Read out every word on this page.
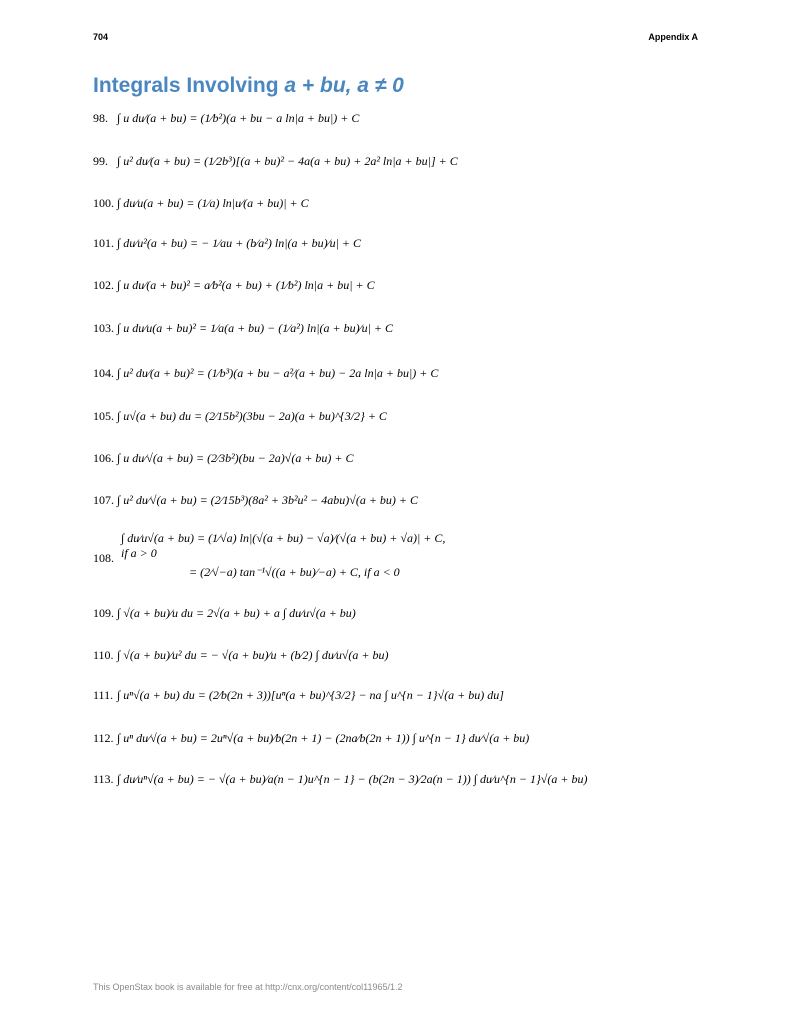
704	Appendix A
Integrals Involving a + bu, a ≠ 0
98. ∫ u du⁄(a + bu) = (1⁄b²)(a + bu − a ln|a + bu|) + C
99. ∫ u² du⁄(a + bu) = (1⁄2b³)[(a + bu)² − 4a(a + bu) + 2a² ln|a + bu|] + C
100. ∫ du⁄u(a + bu) = (1⁄a) ln|u⁄(a + bu)| + C
101. ∫ du⁄u²(a + bu) = − 1⁄au + (b⁄a²) ln|(a + bu)⁄u| + C
102. ∫ u du⁄(a + bu)² = a⁄b²(a + bu) + (1⁄b²) ln|a + bu| + C
103. ∫ u du⁄u(a + bu)² = 1⁄a(a + bu) − (1⁄a²) ln|(a + bu)⁄u| + C
104. ∫ u² du⁄(a + bu)² = (1⁄b³)(a + bu − a²⁄(a + bu) − 2a ln|a + bu|) + C
105. ∫ u√(a + bu) du = (2⁄15b²)(3bu − 2a)(a + bu)^{3/2} + C
106. ∫ u du⁄√(a + bu) = (2⁄3b²)(bu − 2a)√(a + bu) + C
107. ∫ u² du⁄√(a + bu) = (2⁄15b³)(8a² + 3b²u² − 4abu)√(a + bu) + C
108.
∫ du⁄u√(a + bu) = (1⁄√a) ln|(√(a + bu) − √a)⁄(√(a + bu) + √a)| + C, if a > 0
= (2⁄√−a) tan⁻¹√((a + bu)⁄−a) + C, if a < 0
109. ∫ √(a + bu)⁄u du = 2√(a + bu) + a ∫ du⁄u√(a + bu)
110. ∫ √(a + bu)⁄u² du = − √(a + bu)⁄u + (b⁄2) ∫ du⁄u√(a + bu)
111. ∫ uⁿ√(a + bu) du = (2⁄b(2n + 3))[uⁿ(a + bu)^{3/2} − na ∫ u^{n − 1}√(a + bu) du]
112. ∫ uⁿ du⁄√(a + bu) = 2uⁿ√(a + bu)⁄b(2n + 1) − (2na⁄b(2n + 1)) ∫ u^{n − 1} du⁄√(a + bu)
113. ∫ du⁄uⁿ√(a + bu) = − √(a + bu)⁄a(n − 1)u^{n − 1} − (b(2n − 3)⁄2a(n − 1)) ∫ du⁄u^{n − 1}√(a + bu)
This OpenStax book is available for free at http://cnx.org/content/col11965/1.2
